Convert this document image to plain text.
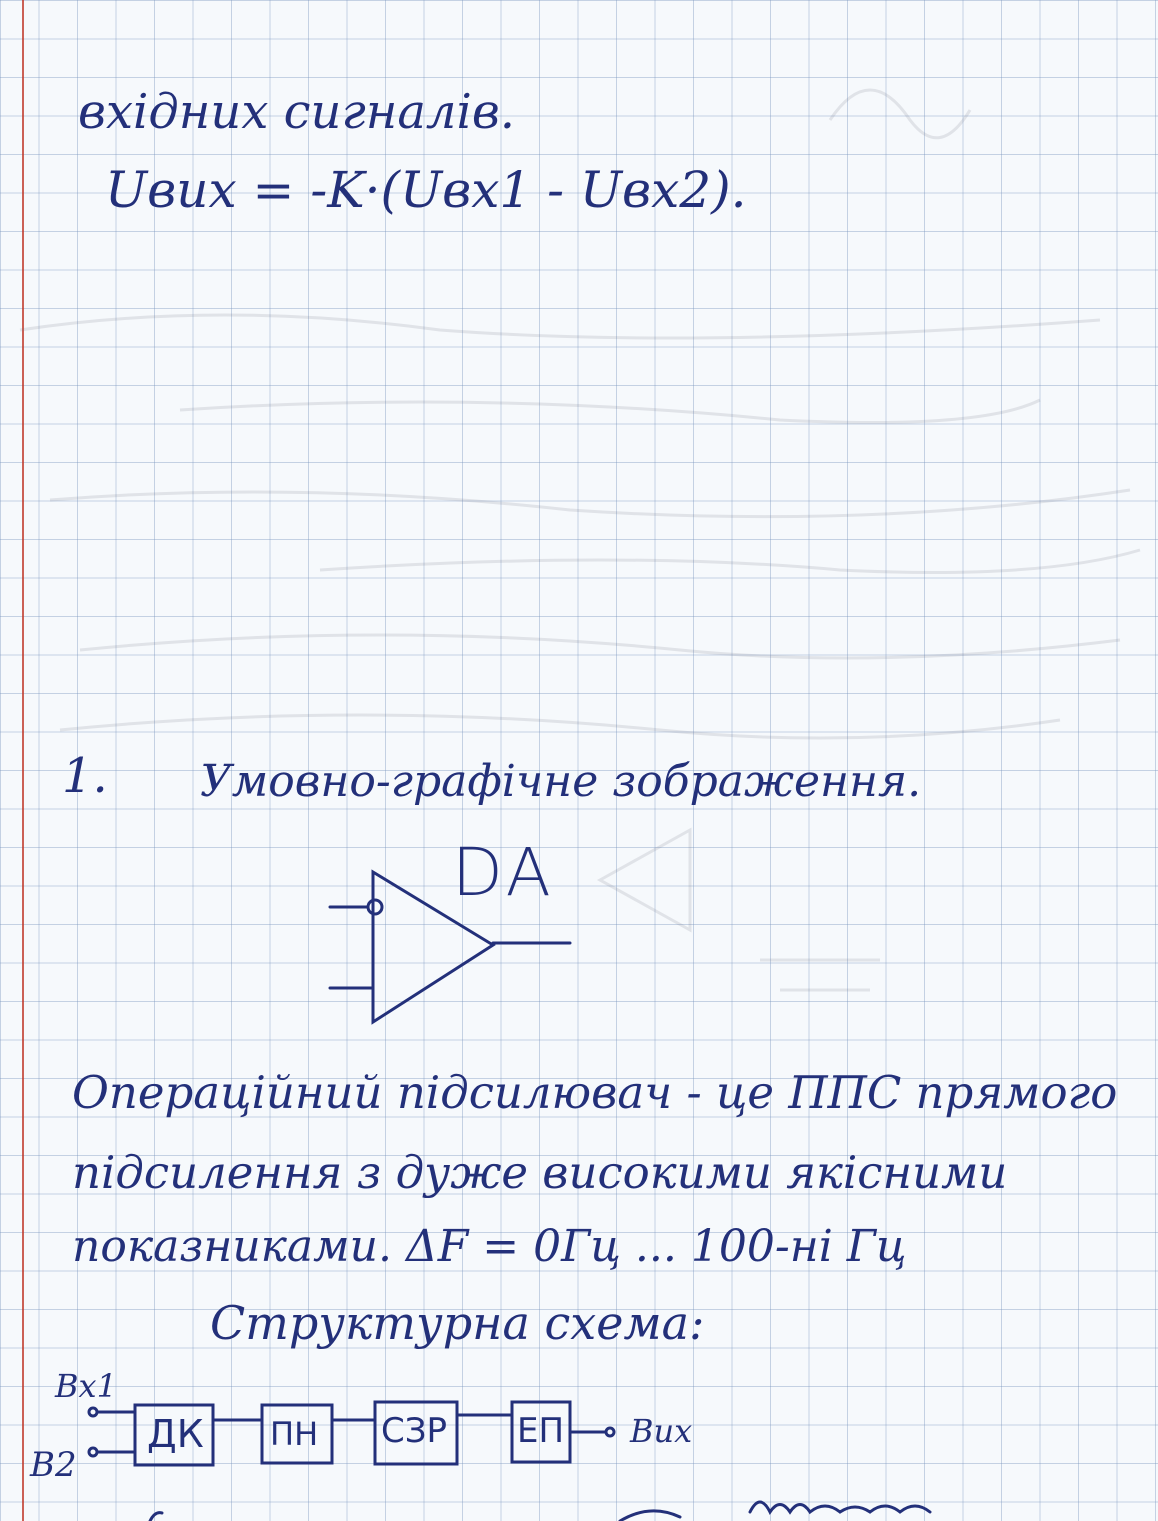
вхідних сигналів.
Uвих = -K·(Uвх1 - Uвх2).
1. Умовно-графічне зображення.
DA
Операційний підсилювач - це ППС прямого
підсилення з дуже високими якісними
показниками. ΔF = 0Гц ... 100-ні Гц
Структурна схема:
Вх1
В2
ДК ПН СЗР ЕП Вих
